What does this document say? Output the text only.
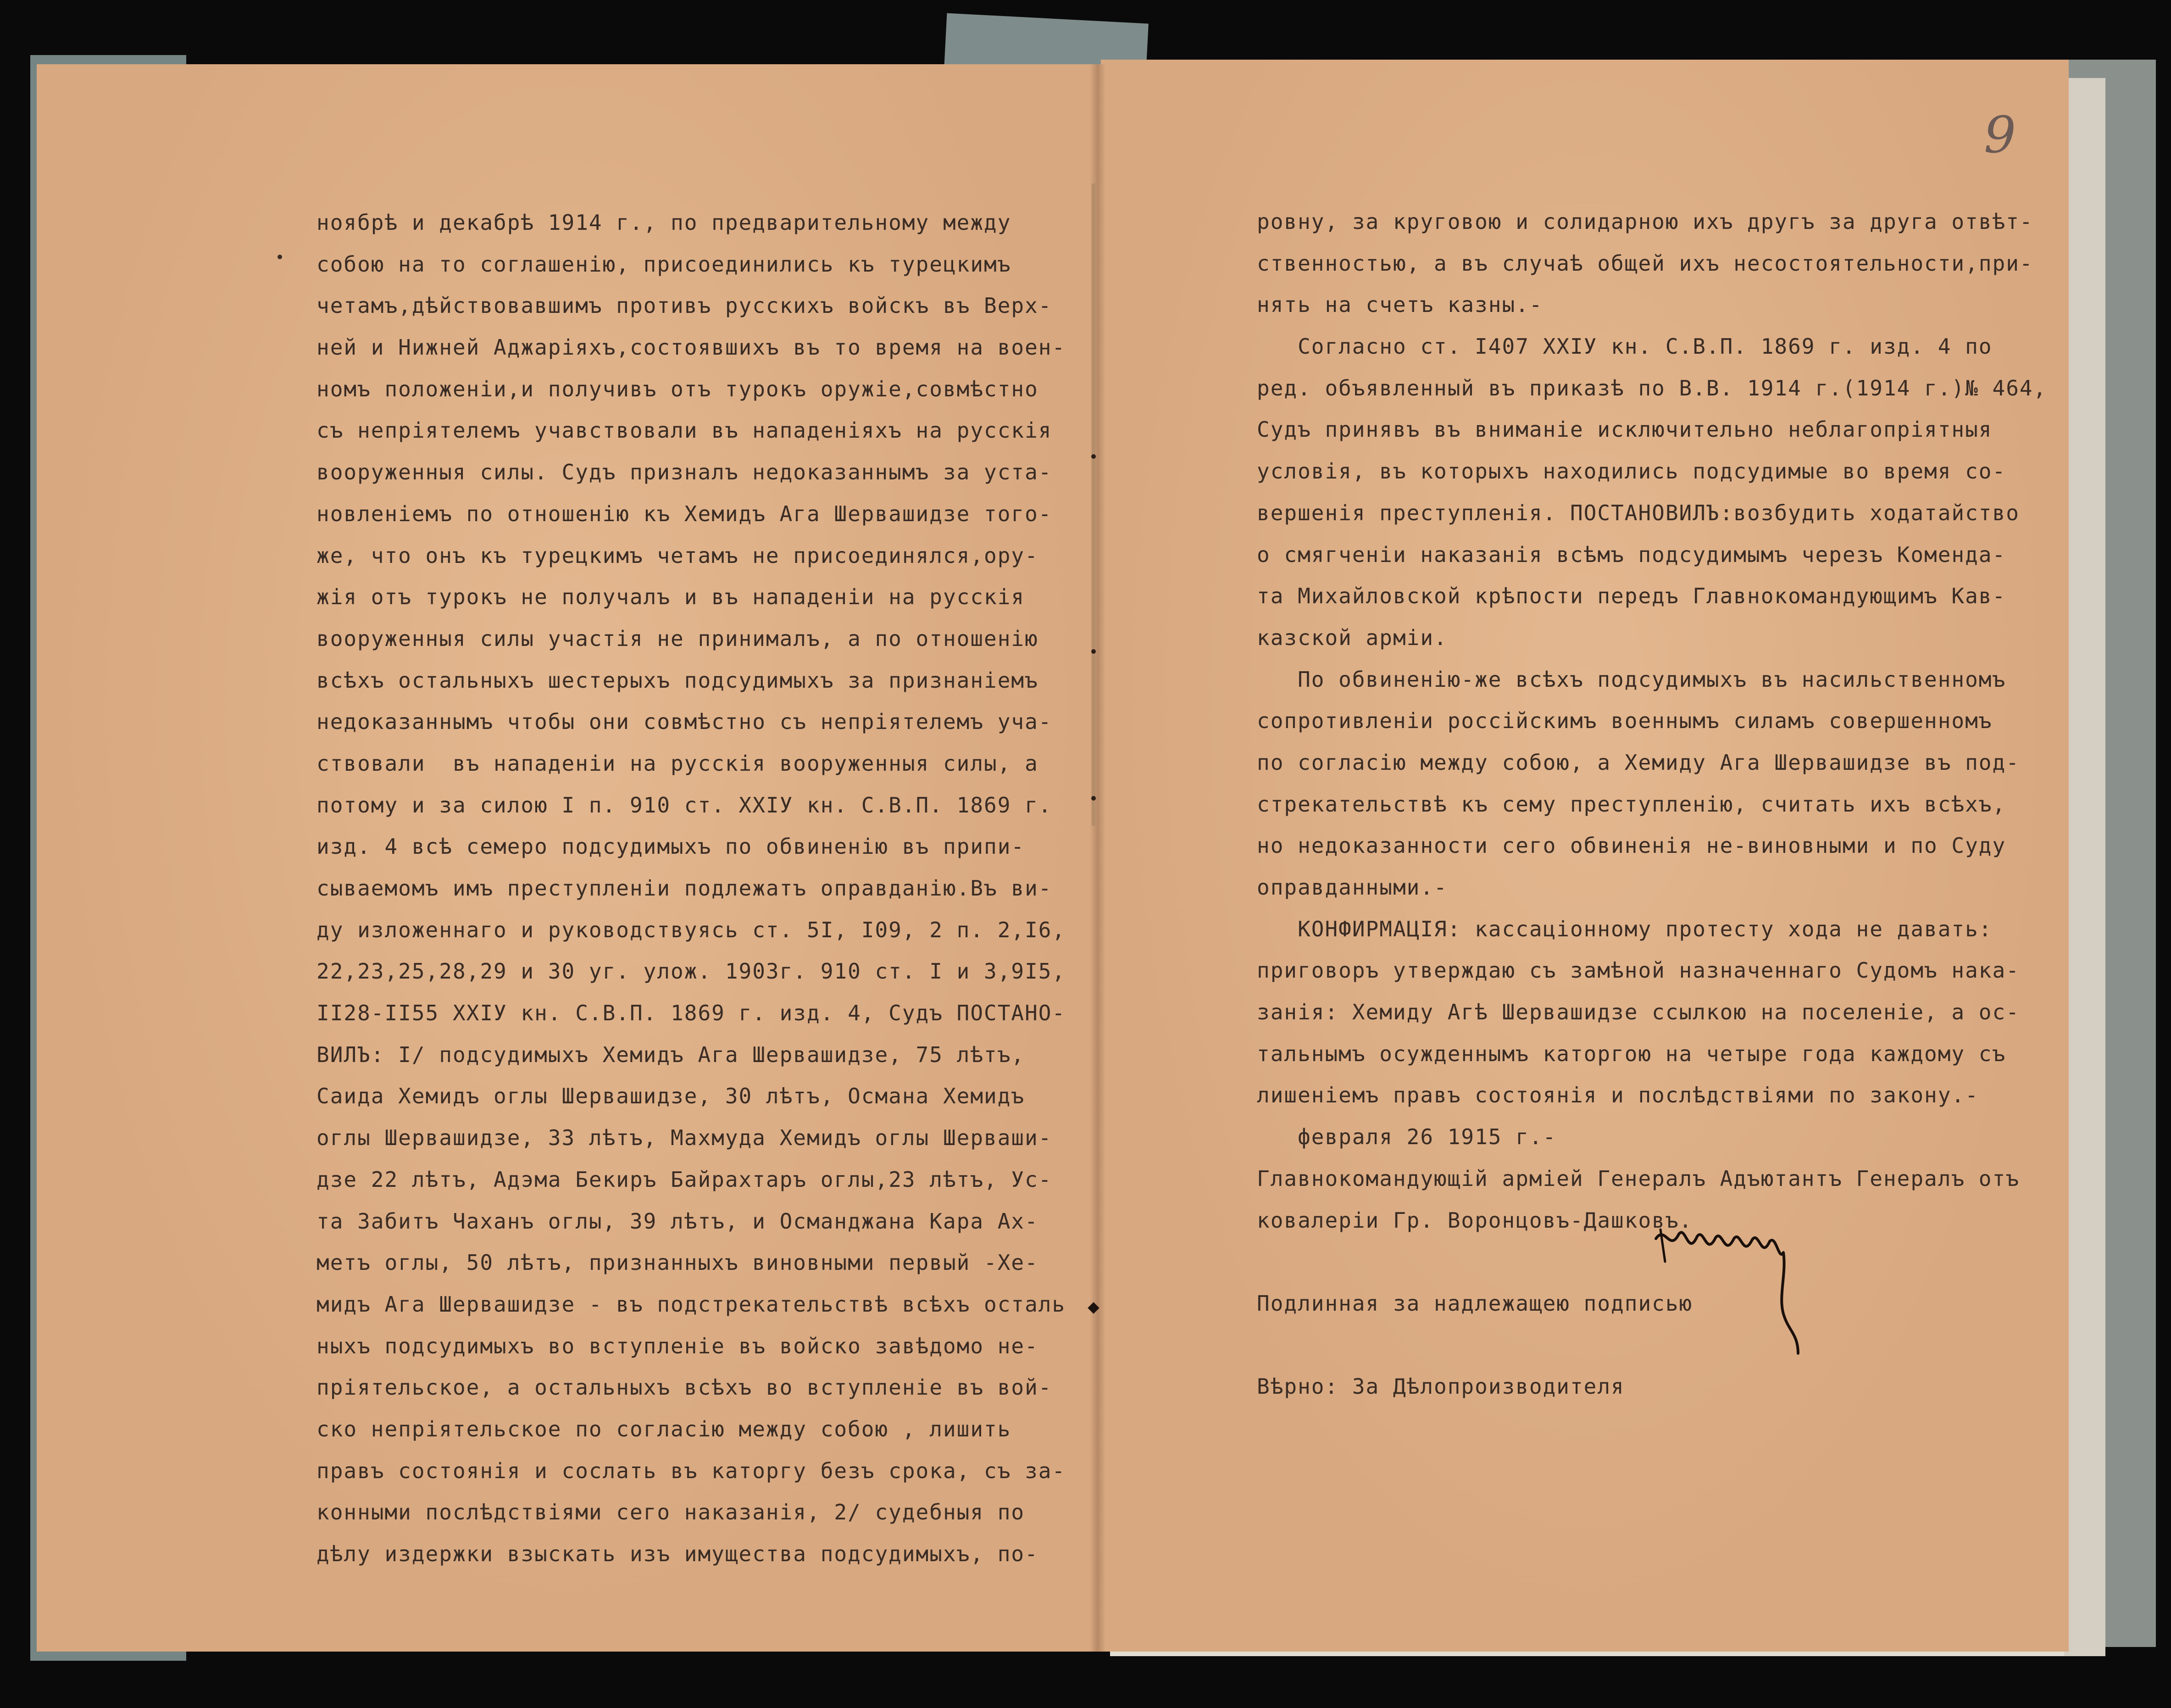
9
ноябрѣ и декабрѣ 1914 г., по предварительному между
собою на то соглашенію, присоединились къ турецкимъ
четамъ,дѣйствовавшимъ противъ русскихъ войскъ въ Верх-
ней и Нижней Аджаріяхъ,состоявшихъ въ то время на воен-
номъ положеніи,и получивъ отъ турокъ оружіе,совмѣстно
съ непріятелемъ учавствовали въ нападеніяхъ на русскія
вооруженныя силы. Судъ призналъ недоказаннымъ за уста-
новленіемъ по отношенію къ Хемидъ Ага Шервашидзе того-
же, что онъ къ турецкимъ четамъ не присоединялся,ору-
жія отъ турокъ не получалъ и въ нападеніи на русскія
вооруженныя силы участія не принималъ, а по отношенію
всѣхъ остальныхъ шестерыхъ подсудимыхъ за признаніемъ
недоказаннымъ чтобы они совмѣстно съ непріятелемъ уча-
ствовали  въ нападеніи на русскія вооруженныя силы, а
потому и за силою I п. 910 ст. XXIУ кн. С.В.П. 1869 г.
изд. 4 всѣ семеро подсудимыхъ по обвиненію въ припи-
сываемомъ имъ преступленіи подлежатъ оправданію.Въ ви-
ду изложеннаго и руководствуясь ст. 5I, I09, 2 п. 2,I6,
22,23,25,28,29 и 30 уг. улож. 1903г. 910 ст. I и 3,9I5,
II28-II55 XXIУ кн. С.В.П. 1869 г. изд. 4, Судъ ПОСТАНО-
ВИЛЪ: I/ подсудимыхъ Хемидъ Ага Шервашидзе, 75 лѣтъ,
Саида Хемидъ оглы Шервашидзе, 30 лѣтъ, Османа Хемидъ
оглы Шервашидзе, 33 лѣтъ, Махмуда Хемидъ оглы Шерваши-
дзе 22 лѣтъ, Адэма Бекиръ Байрахтаръ оглы,23 лѣтъ, Ус-
та Забитъ Чаханъ оглы, 39 лѣтъ, и Османджана Кара Ах-
метъ оглы, 50 лѣтъ, признанныхъ виновными первый -Хе-
мидъ Ага Шервашидзе - въ подстрекательствѣ всѣхъ осталь
ныхъ подсудимыхъ во вступленіе въ войско завѣдомо не-
пріятельское, а остальныхъ всѣхъ во вступленіе въ вой-
ско непріятельское по согласію между собою , лишить
правъ состоянія и сослать въ каторгу безъ срока, съ за-
конными послѣдствіями сего наказанія, 2/ судебныя по
дѣлу издержки взыскать изъ имущества подсудимыхъ, по-
ровну, за круговою и солидарною ихъ другъ за друга отвѣт-
ственностью, а въ случаѣ общей ихъ несостоятельности,при-
нять на счетъ казны.-
Согласно ст. I407 XXIУ кн. С.В.П. 1869 г. изд. 4 по
ред. объявленный въ приказѣ по В.В. 1914 г.(1914 г.)№ 464,
Судъ принявъ въ вниманіе исключительно неблагопріятныя
условія, въ которыхъ находились подсудимые во время со-
вершенія преступленія. ПОСТАНОВИЛЪ:возбудить ходатайство
о смягченіи наказанія всѣмъ подсудимымъ черезъ Коменда-
та Михайловской крѣпости передъ Главнокомандующимъ Кав-
казской арміи.
По обвиненію-же всѣхъ подсудимыхъ въ насильственномъ
сопротивленіи россійскимъ военнымъ силамъ совершенномъ
по согласію между собою, а Хемиду Ага Шервашидзе въ под-
стрекательствѣ къ сему преступленію, считать ихъ всѣхъ,
но недоказанности сего обвиненія не-виновными и по Суду
оправданными.-
КОНФИРМАЦІЯ: кассаціонному протесту хода не давать:
приговоръ утверждаю съ замѣной назначеннаго Судомъ нака-
занія: Хемиду Агѣ Шервашидзе ссылкою на поселеніе, а ос-
тальнымъ осужденнымъ каторгою на четыре года каждому съ
лишеніемъ правъ состоянія и послѣдствіями по закону.-
февраля 26 1915 г.-
Главнокомандующій арміей Генералъ Адъютантъ Генералъ отъ
ковалеріи Гр. Воронцовъ-Дашковъ.
Подлинная за надлежащею подписью
Вѣрно: За Дѣлопроизводителя
